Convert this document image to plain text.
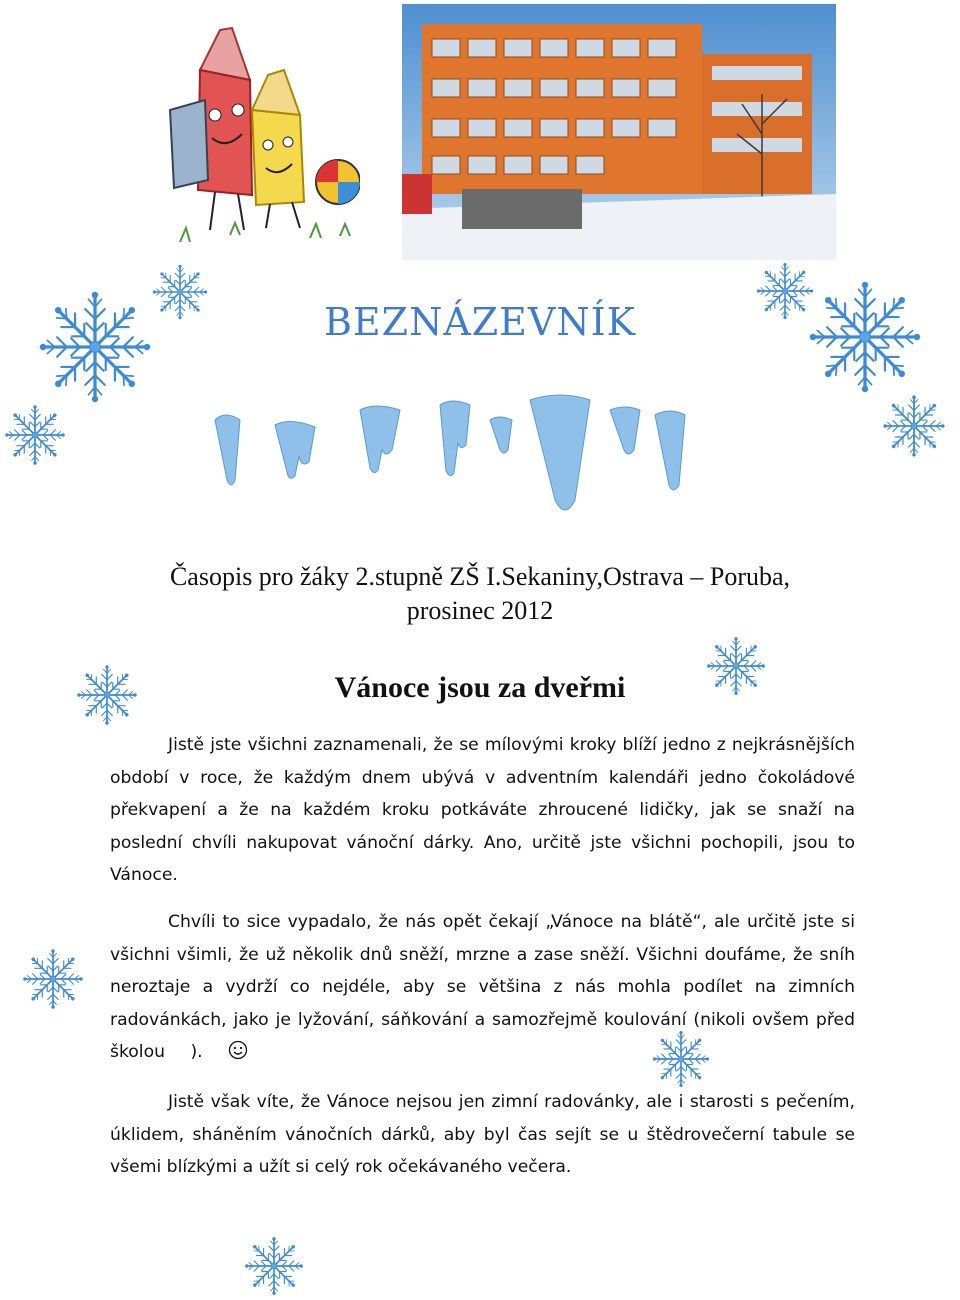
BEZNÁZEVNÍK
Časopis pro žáky 2.stupně ZŠ I.Sekaniny,Ostrava – Poruba,
prosinec 2012
Vánoce jsou za dveřmi

Jistě jste všichni zaznamenali, že se mílovými kroky blíží jedno z nejkrásnějších období v roce, že každým dnem ubývá v adventním kalendáři jedno čokoládové překvapení a že na každém kroku potkáváte zhroucené lidičky, jak se snaží na poslední chvíli nakupovat vánoční dárky. Ano, určitě jste všichni pochopili, jsou to Vánoce.

Chvíli to sice vypadalo, že nás opět čekají „Vánoce na blátě“, ale určitě jste si všichni všimli, že už několik dnů sněží, mrzne a zase sněží. Všichni doufáme, že sníh neroztaje a vydrží co nejdéle, aby se většina z nás mohla podílet na zimních radovánkách, jako je lyžování, sáňkování a samozřejmě koulování (nikoli ovšem před školou ).

Jistě však víte, že Vánoce nejsou jen zimní radovánky, ale i starosti s pečením, úklidem, sháněním vánočních dárků, aby byl čas sejít se u štědrovečerní tabule se všemi blízkými a užít si celý rok očekávaného večera.
